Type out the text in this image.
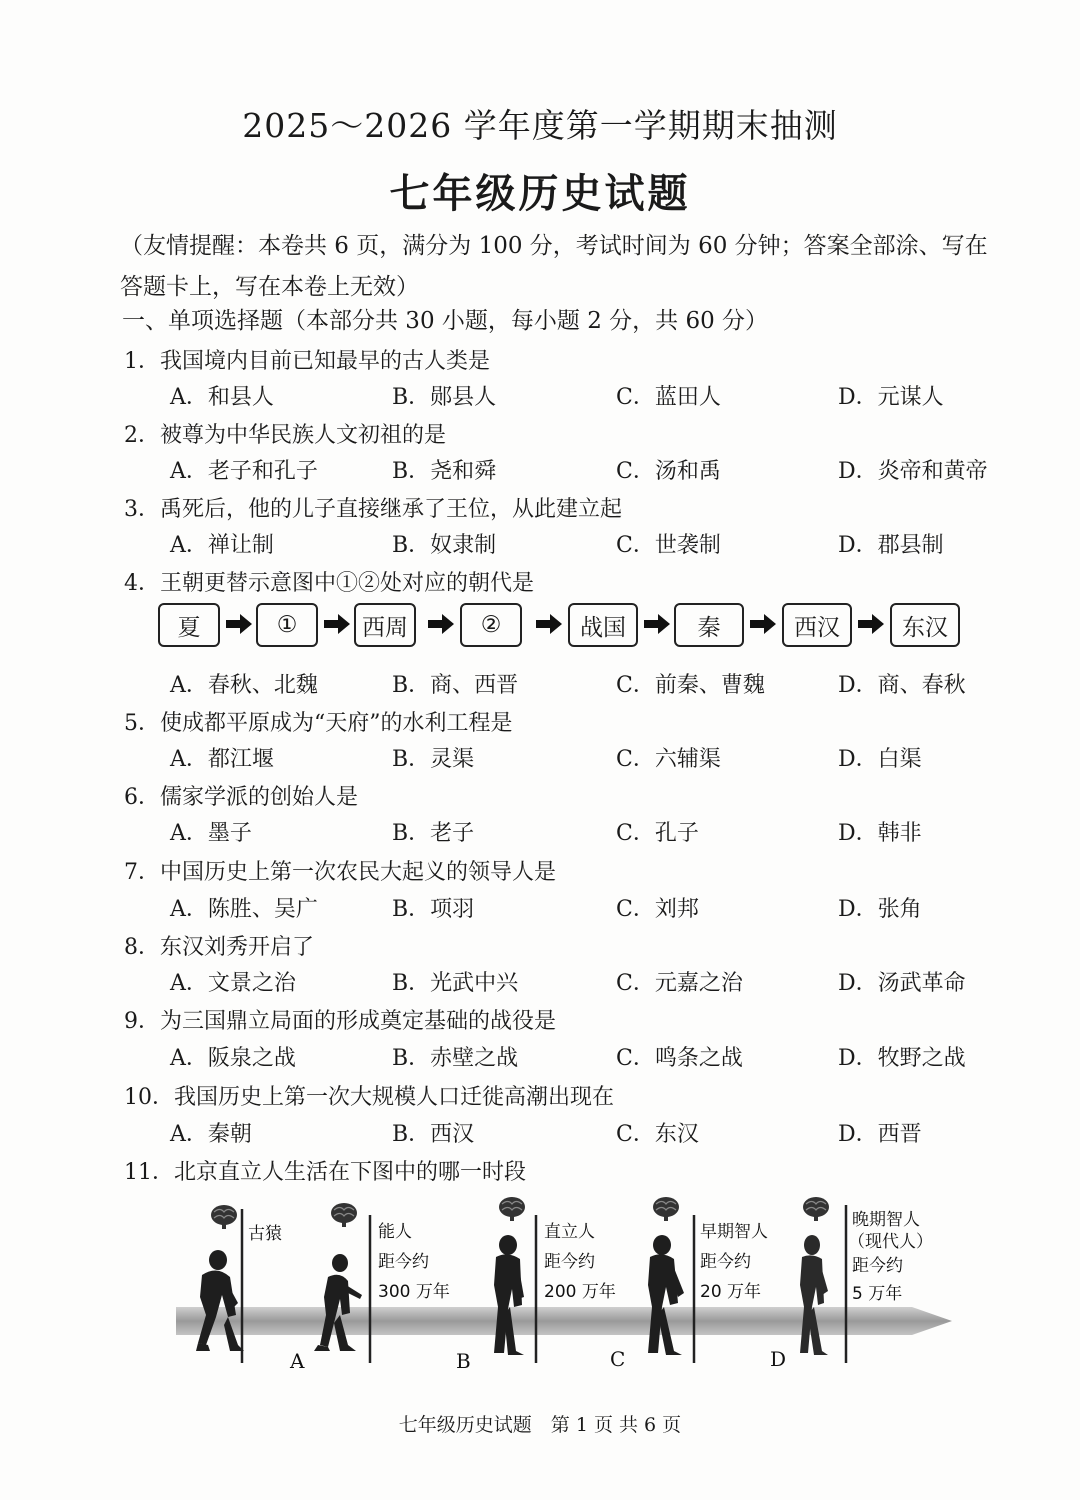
2025～2026 学年度第一学期期末抽测
七年级历史试题
（友情提醒：本卷共 6 页，满分为 100 分，考试时间为 60 分钟；答案全部涂、写在答题卡上，写在本卷上无效）
一、单项选择题（本部分共 30 小题，每小题 2 分，共 60 分）
1．我国境内目前已知最早的古人类是
A．和县人	B．郧县人	C．蓝田人	D．元谋人
2．被尊为中华民族人文初祖的是
A．老子和孔子	B．尧和舜	C．汤和禹	D．炎帝和黄帝
3．禹死后，他的儿子直接继承了王位，从此建立起
A．禅让制	B．奴隶制	C．世袭制	D．郡县制
4．王朝更替示意图中①②处对应的朝代是
夏	①	西周	②	战国	秦	西汉	东汉
A．春秋、北魏	B．商、西晋	C．前秦、曹魏	D．商、春秋
5．使成都平原成为“天府”的水利工程是
A．都江堰	B．灵渠	C．六辅渠	D．白渠
6．儒家学派的创始人是
A．墨子	B．老子	C．孔子	D．韩非
7．中国历史上第一次农民大起义的领导人是
A．陈胜、吴广	B．项羽	C．刘邦	D．张角
8．东汉刘秀开启了
A．文景之治	B．光武中兴	C．元嘉之治	D．汤武革命
9．为三国鼎立局面的形成奠定基础的战役是
A．阪泉之战	B．赤壁之战	C．鸣条之战	D．牧野之战
10．我国历史上第一次大规模人口迁徙高潮出现在
A．秦朝	B．西汉	C．东汉	D．西晋
11．北京直立人生活在下图中的哪一时段
古猿	能人
距今约
300 万年
直立人
距今约
200 万年
早期智人
距今约
20 万年
晚期智人
（现代人）
距今约
5 万年
A	B	C	D
七年级历史试题　第 1 页 共 6 页
